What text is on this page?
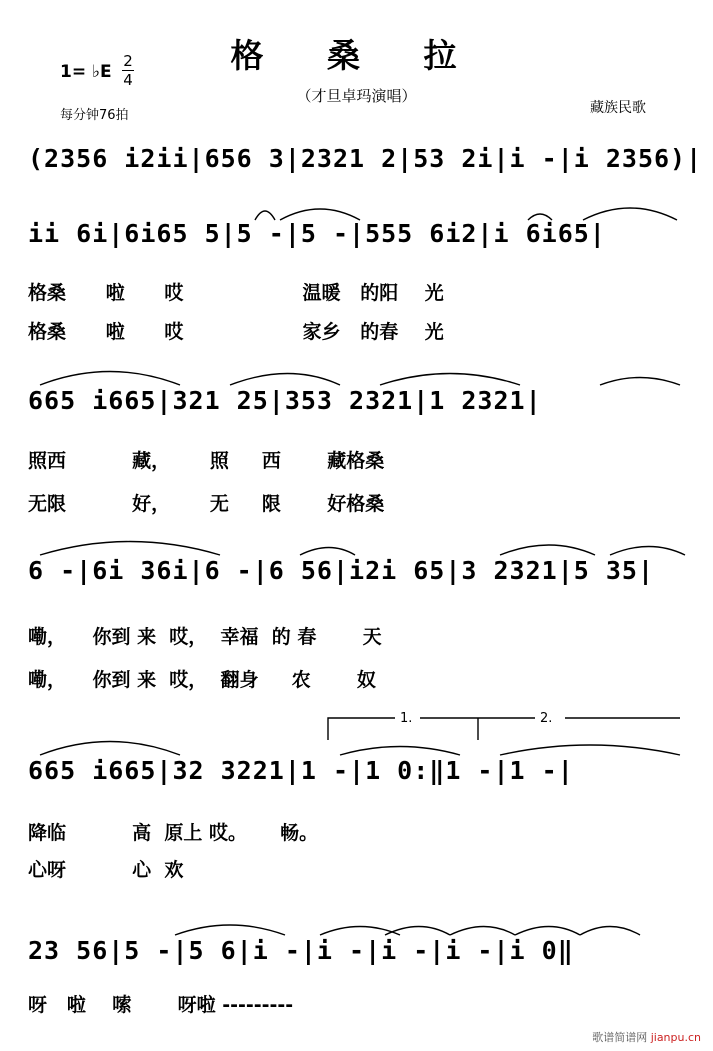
格 桑 拉
（才旦卓玛演唱）
1= ♭E
2
4
每分钟76拍	藏族民歌
(2356 i2ii|656 3|2321 2|53 2i|i -|i 2356)|
ii 6i|6i65 5|5 -|5 -|555 6i2|i 6i65|
格桑      啦      哎                  温暖   的阳    光
格桑      啦      哎                  家乡   的春    光
665 i665|321 25|353 2321|1 2321|
照西          藏，      照     西       藏格桑
无限          好，      无     限       好格桑
6 -|6i 36i|6 -|6 56|i2i 65|3 2321|5 35|
嘞，    你到 来  哎，  幸福  的 春       天
嘞，    你到 来  哎，  翻身     农       奴
1.	2.
665 i665|32 3221|1 -|1 0:‖1 -|1 -|
降临          高  原上 哎。     畅。
心呀          心  欢
23 56|5 -|5 6|i -|i -|i -|i -|i 0‖
呀   啦    嗦       呀啦 ---------
歌谱简谱网 jianpu.cn
